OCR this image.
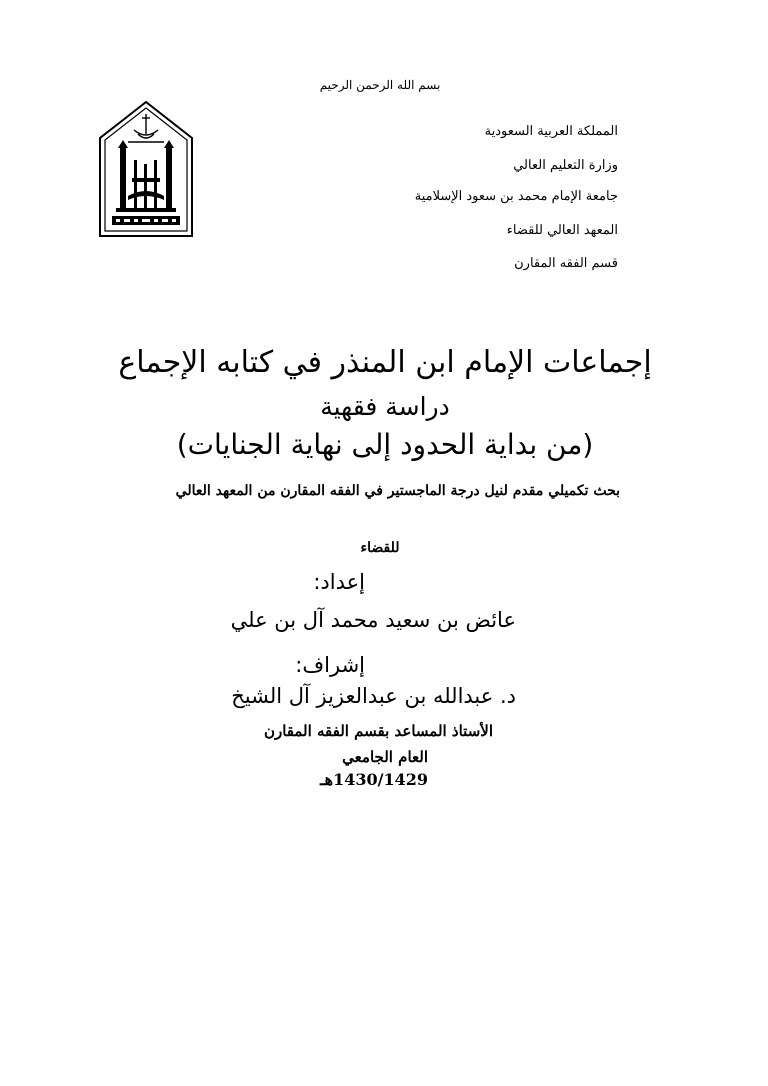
بسم الله الرحمن الرحيم
المملكة العربية السعودية
وزارة التعليم العالي
جامعة الإمام محمد بن سعود الإسلامية
المعهد العالي للقضاء
قسم الفقه المقارن
إجماعات الإمام ابن المنذر في كتابه الإجماع
دراسة فقهية
(من بداية الحدود إلى نهاية الجنايات)
بحث تكميلي مقدم لنيل درجة الماجستير في الفقه المقارن من المعهد العالي
للقضاء
إعداد:
عائض بن سعيد محمد آل بن علي
إشراف:
د. عبدالله بن عبدالعزيز آل الشيخ
الأستاذ المساعد بقسم الفقه المقارن
العام الجامعي
1430/1429هـ
